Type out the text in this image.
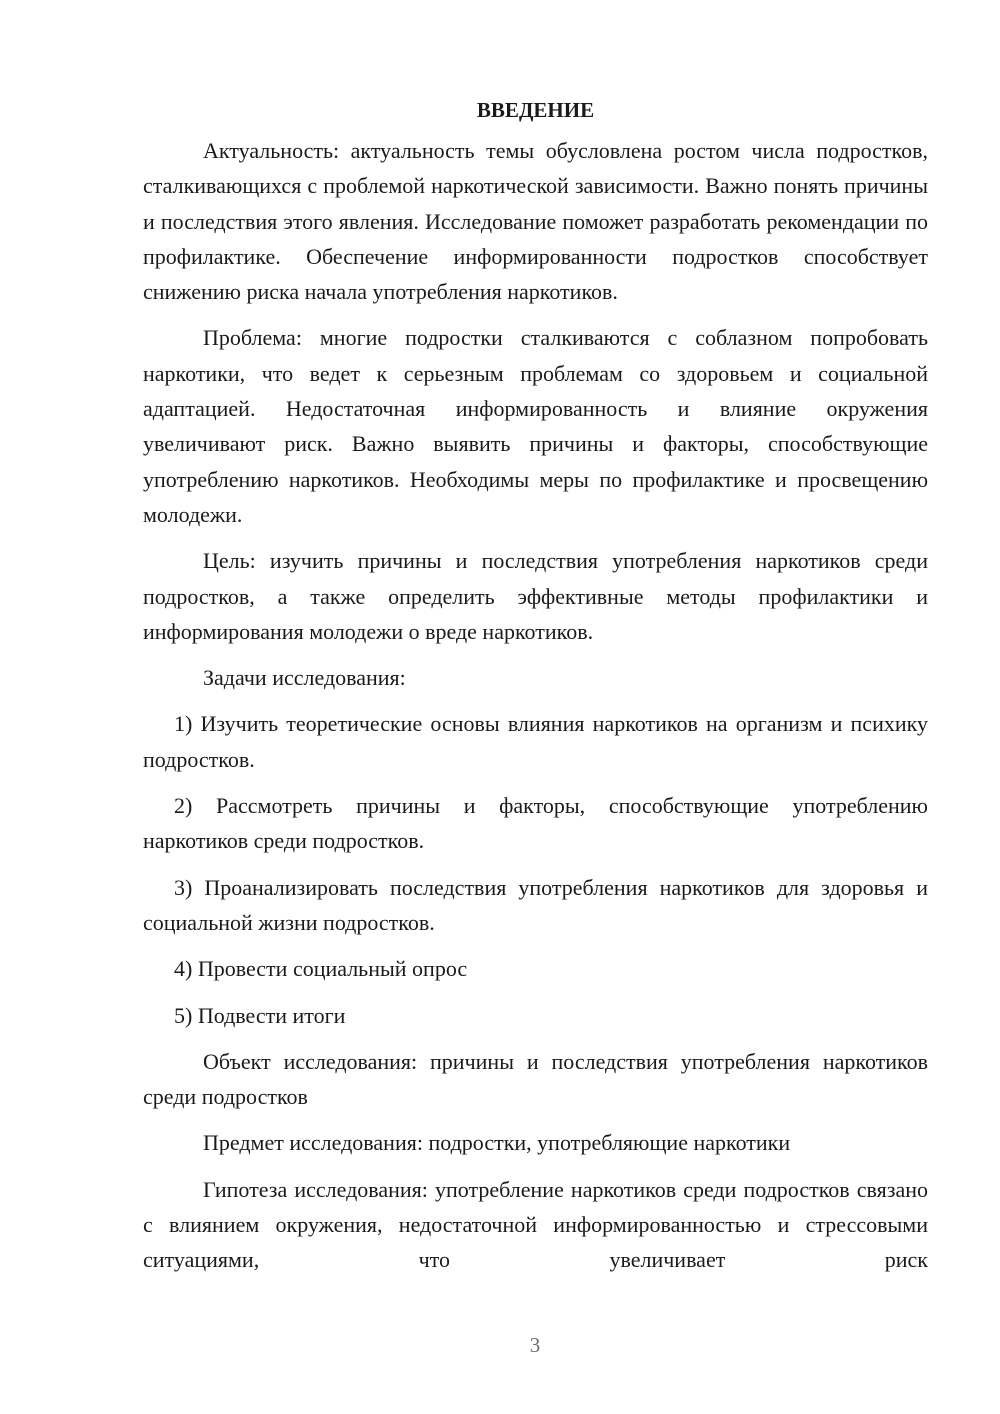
ВВЕДЕНИЕ

Актуальность: актуальность темы обусловлена ростом числа подростков, сталкивающихся с проблемой наркотической зависимости. Важно понять причины и последствия этого явления. Исследование поможет разработать рекомендации по профилактике. Обеспечение информированности подростков способствует снижению риска начала употребления наркотиков.

Проблема: многие подростки сталкиваются с соблазном попробовать наркотики, что ведет к серьезным проблемам со здоровьем и социальной адаптацией. Недостаточная информированность и влияние окружения увеличивают риск. Важно выявить причины и факторы, способствующие употреблению наркотиков. Необходимы меры по профилактике и просвещению молодежи.

Цель: изучить причины и последствия употребления наркотиков среди подростков, а также определить эффективные методы профилактики и информирования молодежи о вреде наркотиков.

Задачи исследования:

1) Изучить теоретические основы влияния наркотиков на организм и психику подростков.

2) Рассмотреть причины и факторы, способствующие употреблению наркотиков среди подростков.

3) Проанализировать последствия употребления наркотиков для здоровья и социальной жизни подростков.

4) Провести социальный опрос

5) Подвести итоги

Объект исследования: причины и последствия употребления наркотиков среди подростков

Предмет исследования: подростки, употребляющие наркотики

Гипотеза исследования: употребление наркотиков среди подростков связано с влиянием окружения, недостаточной информированностью и стрессовыми ситуациями, что увеличивает риск

3
